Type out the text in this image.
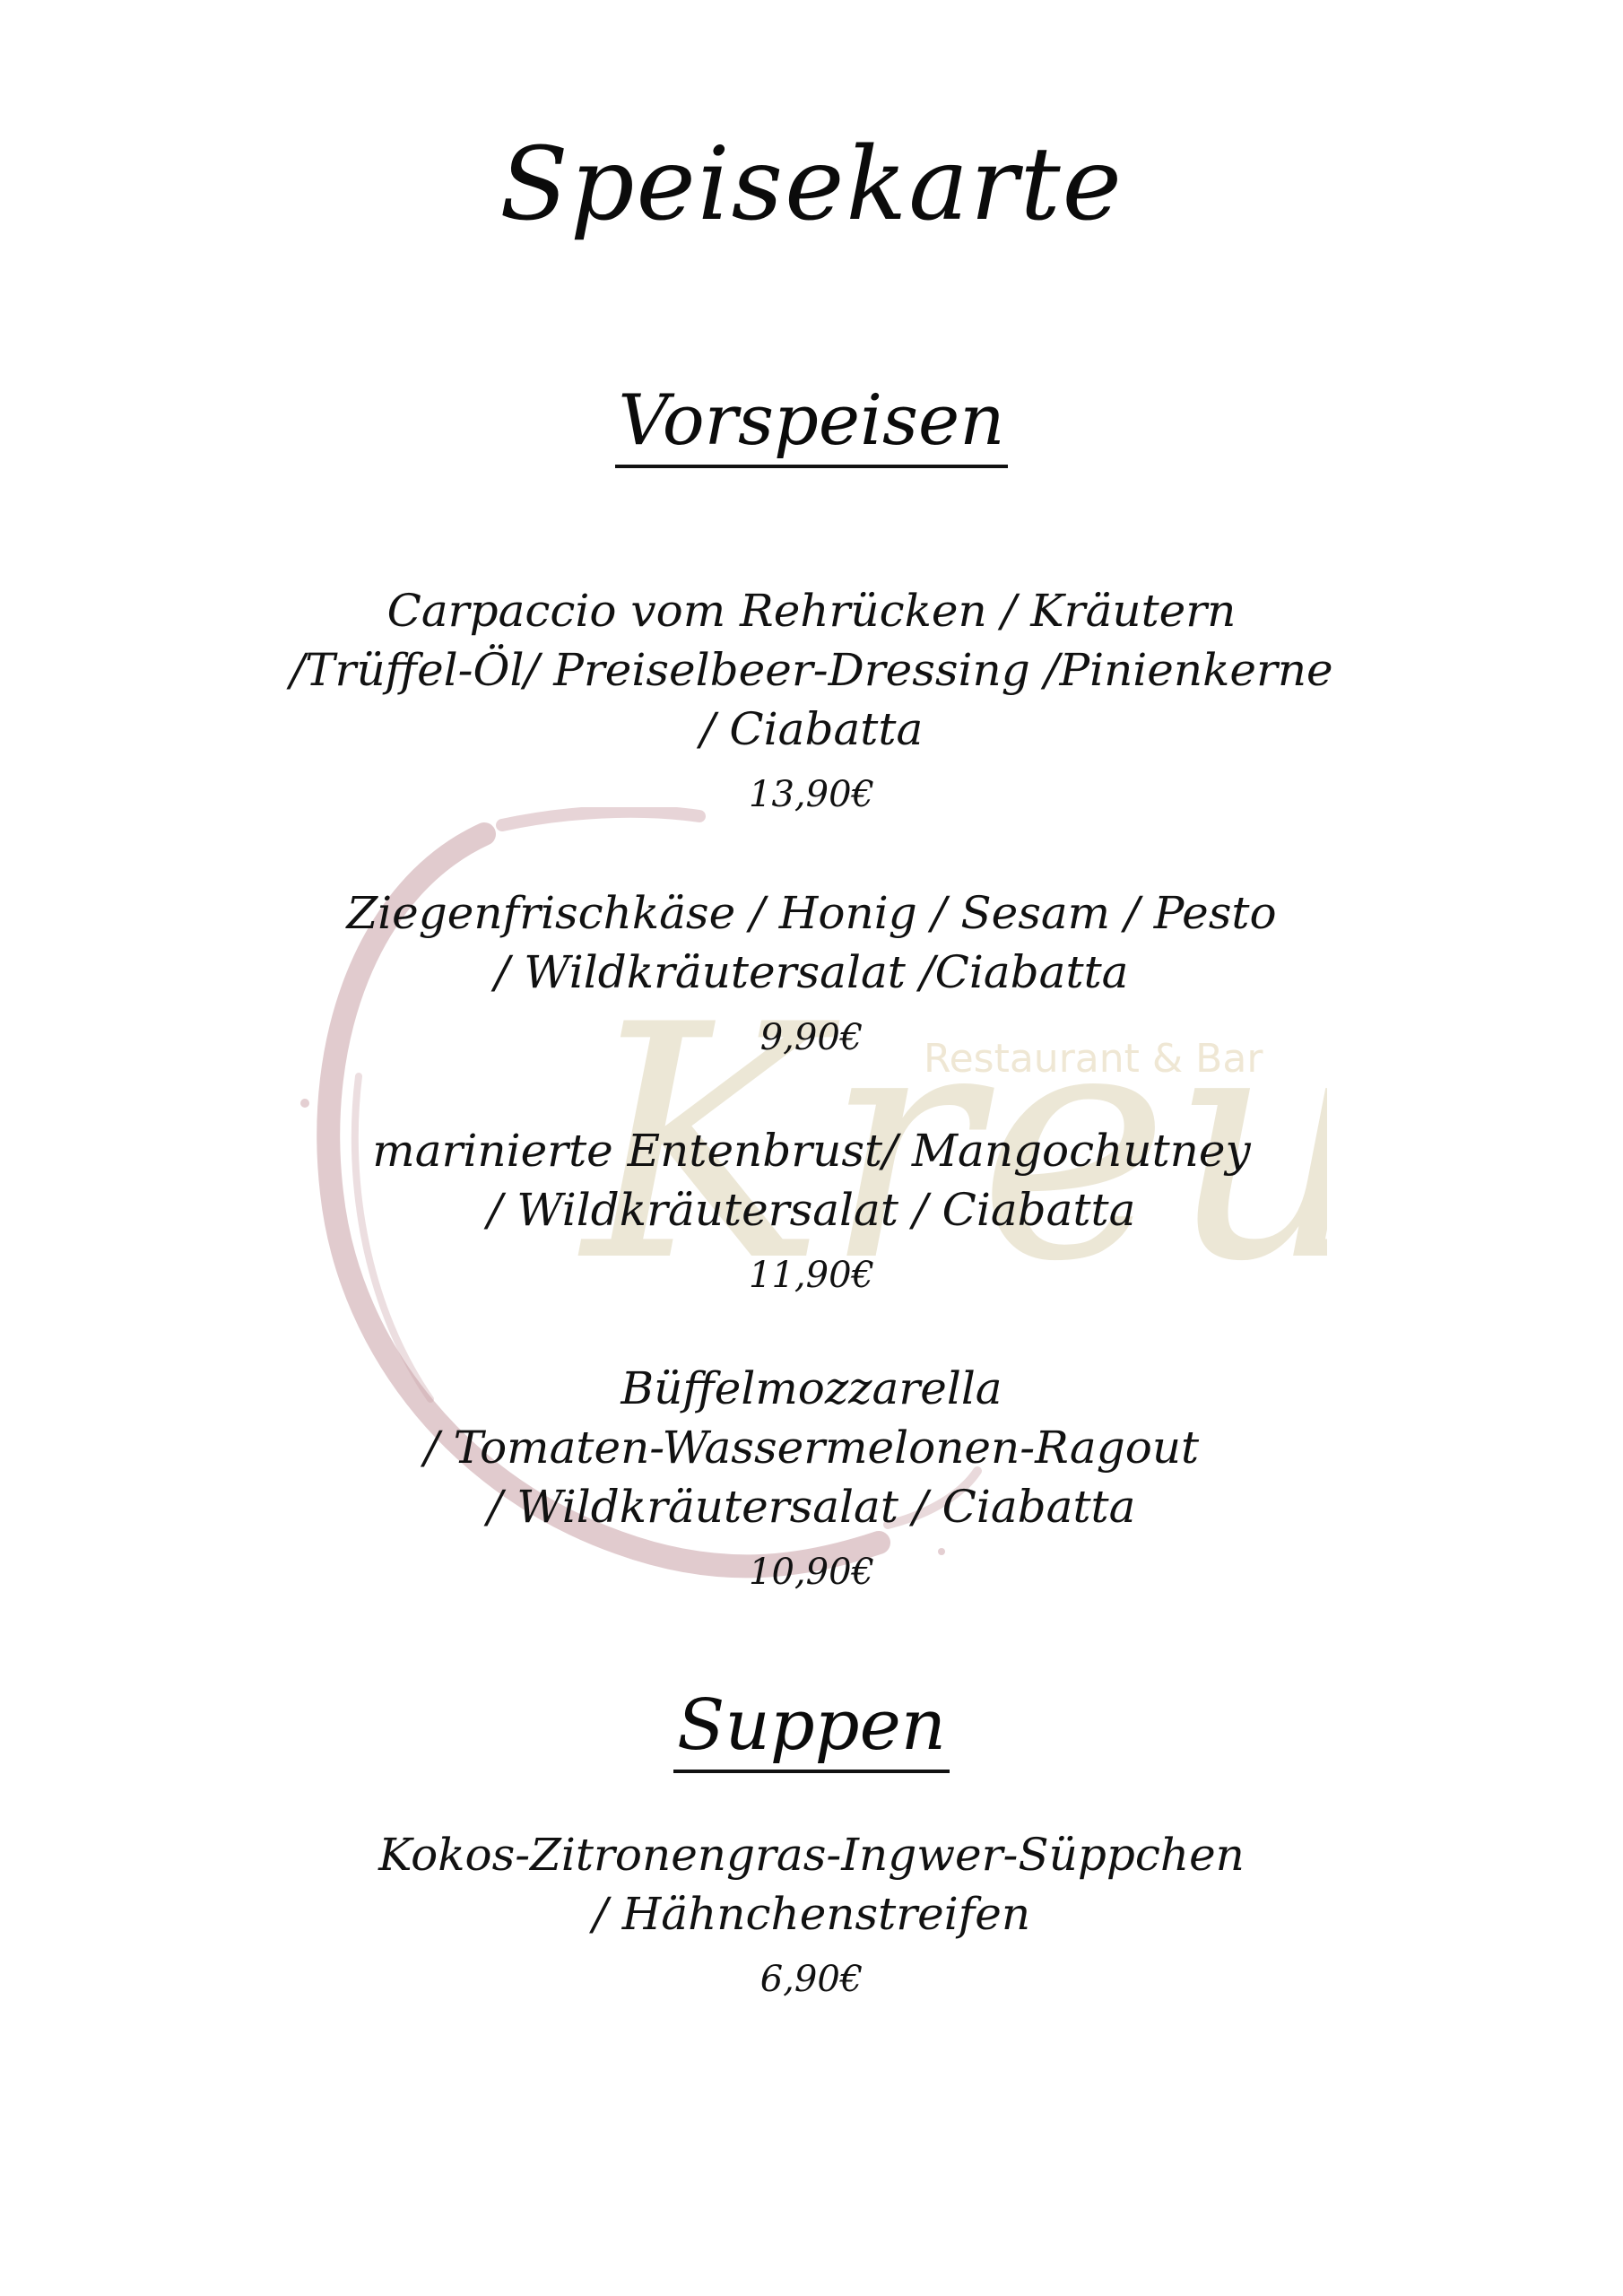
Kre
Restaurant & Bar
Speisekarte
Vorspeisen
Carpaccio vom Rehrücken / Kräutern
/Trüffel-Öl/ Preiselbeer-Dressing /Pinienkerne
/ Ciabatta
13,90€
Ziegenfrischkäse / Honig / Sesam / Pesto
/ Wildkräutersalat /Ciabatta
9,90€
marinierte Entenbrust/ Mangochutney
/ Wildkräutersalat / Ciabatta
11,90€
Büffelmozzarella
/ Tomaten-Wassermelonen-Ragout
/ Wildkräutersalat / Ciabatta
10,90€
Suppen
Kokos-Zitronengras-Ingwer-Süppchen
/ Hähnchenstreifen
6,90€
